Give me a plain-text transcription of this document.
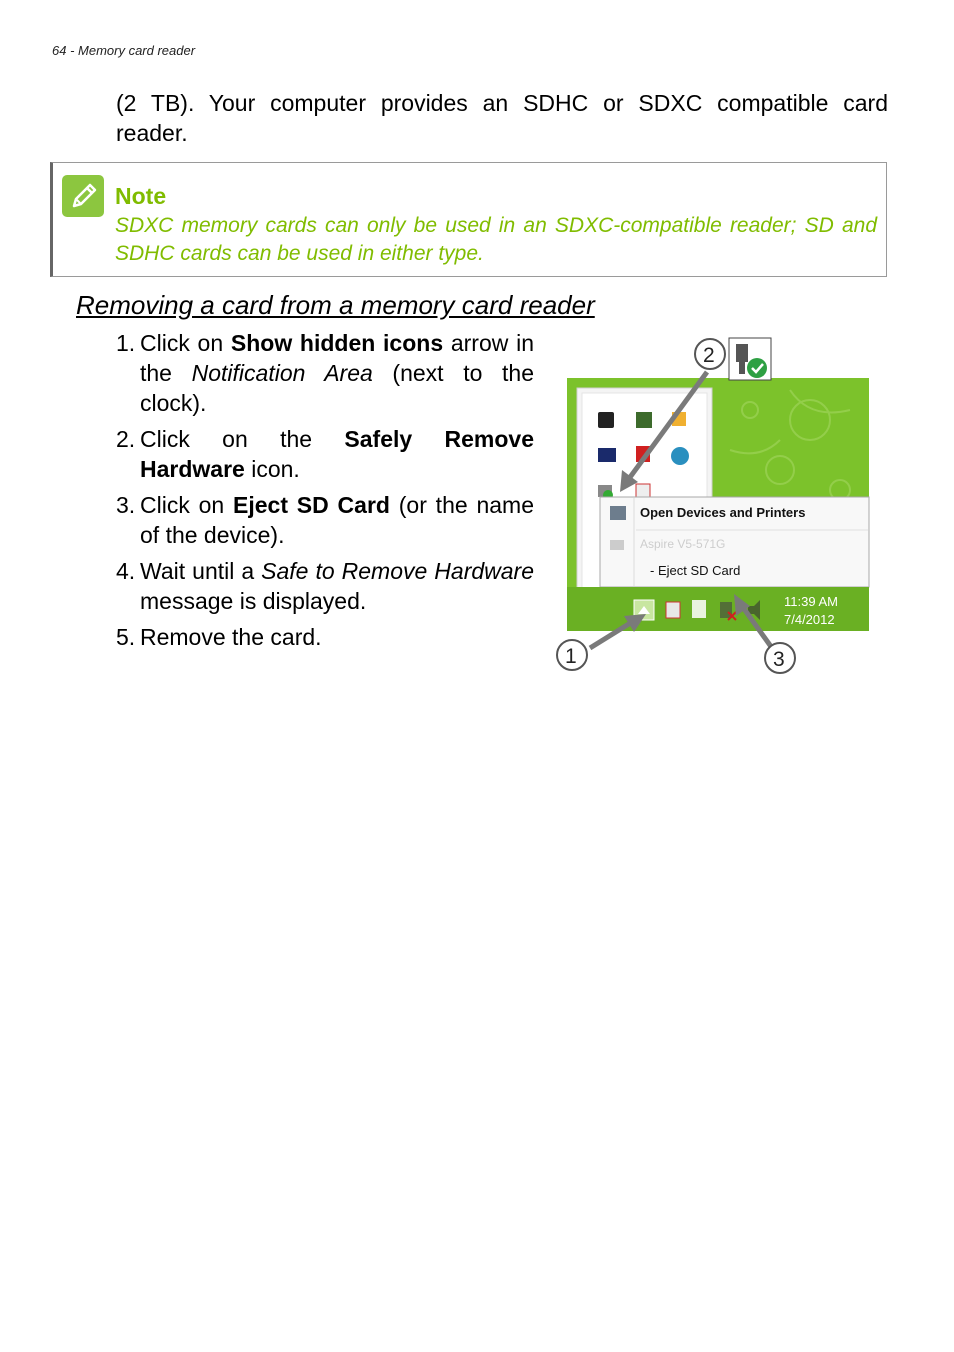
64 - Memory card reader
(2 TB). Your computer provides an SDHC or SDXC compatible card
reader.
Note
SDXC memory cards can only be used in an SDXC-compatible reader; SD and SDHC cards can be used in either type.
Removing a card from a memory card reader
1. Click on Show hidden icons arrow in the Notification Area (next to the clock).
2. Click on the Safely Remove Hardware icon.
3. Click on Eject SD Card (or the name of the device).
4. Wait until a Safe to Remove Hardware message is displayed.
5. Remove the card.
Open Devices and Printers
Aspire V5-571G
- Eject SD Card
11:39 AM
7/4/2012
2
1	3
